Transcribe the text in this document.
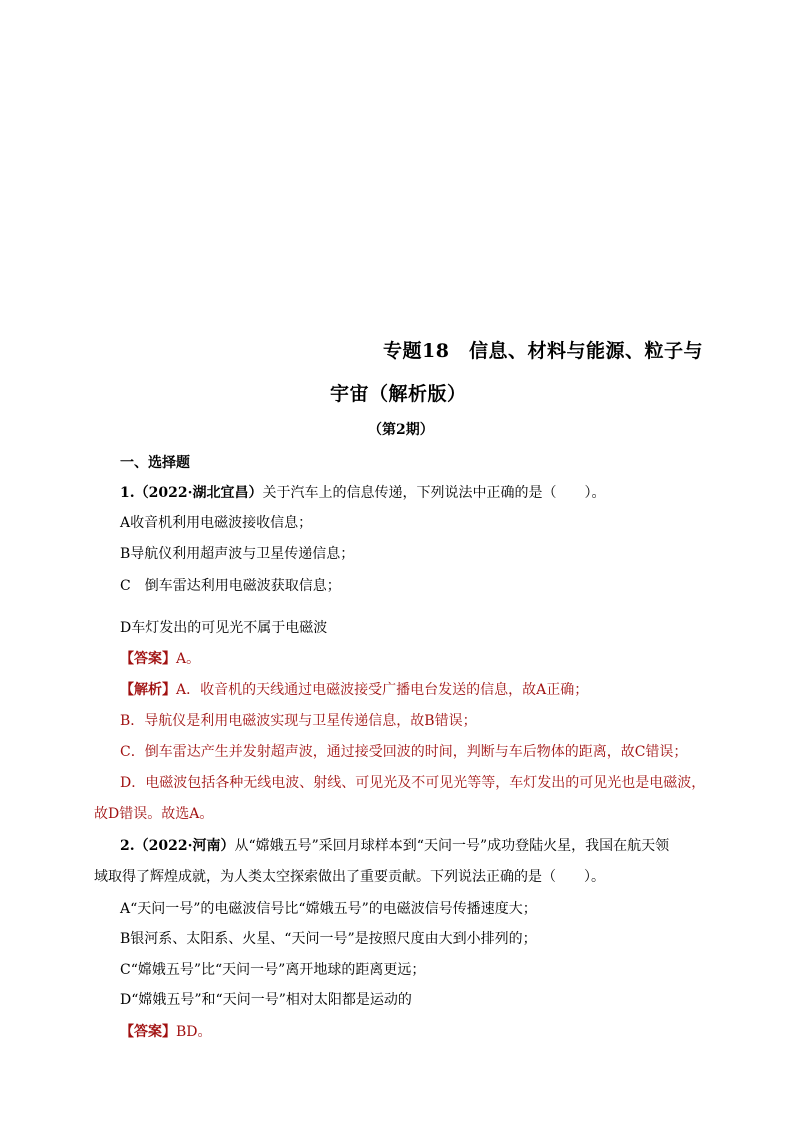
专题18　信息、材料与能源、粒子与
宇宙（解析版）
（第2期）
一、选择题
1.（2022·湖北宜昌）关于汽车上的信息传递，下列说法中正确的是（　　）。
A收音机利用电磁波接收信息；
B导航仪利用超声波与卫星传递信息；
C　倒车雷达利用电磁波获取信息；
D车灯发出的可见光不属于电磁波
【答案】A。
【解析】A．收音机的天线通过电磁波接受广播电台发送的信息，故A正确；
B．导航仪是利用电磁波实现与卫星传递信息，故B错误；
C．倒车雷达产生并发射超声波，通过接受回波的时间，判断与车后物体的距离，故C错误；
D．电磁波包括各种无线电波、射线、可见光及不可见光等等，车灯发出的可见光也是电磁波，
故D错误。故选A。
2.（2022·河南）从“嫦娥五号”采回月球样本到“天问一号”成功登陆火星，我国在航天领
域取得了辉煌成就，为人类太空探索做出了重要贡献。下列说法正确的是（　　）。
A“天问一号”的电磁波信号比“嫦娥五号”的电磁波信号传播速度大；
B银河系、太阳系、火星、“天问一号”是按照尺度由大到小排列的；
C“嫦娥五号”比“天问一号”离开地球的距离更远；
D“嫦娥五号”和“天问一号”相对太阳都是运动的
【答案】BD。
